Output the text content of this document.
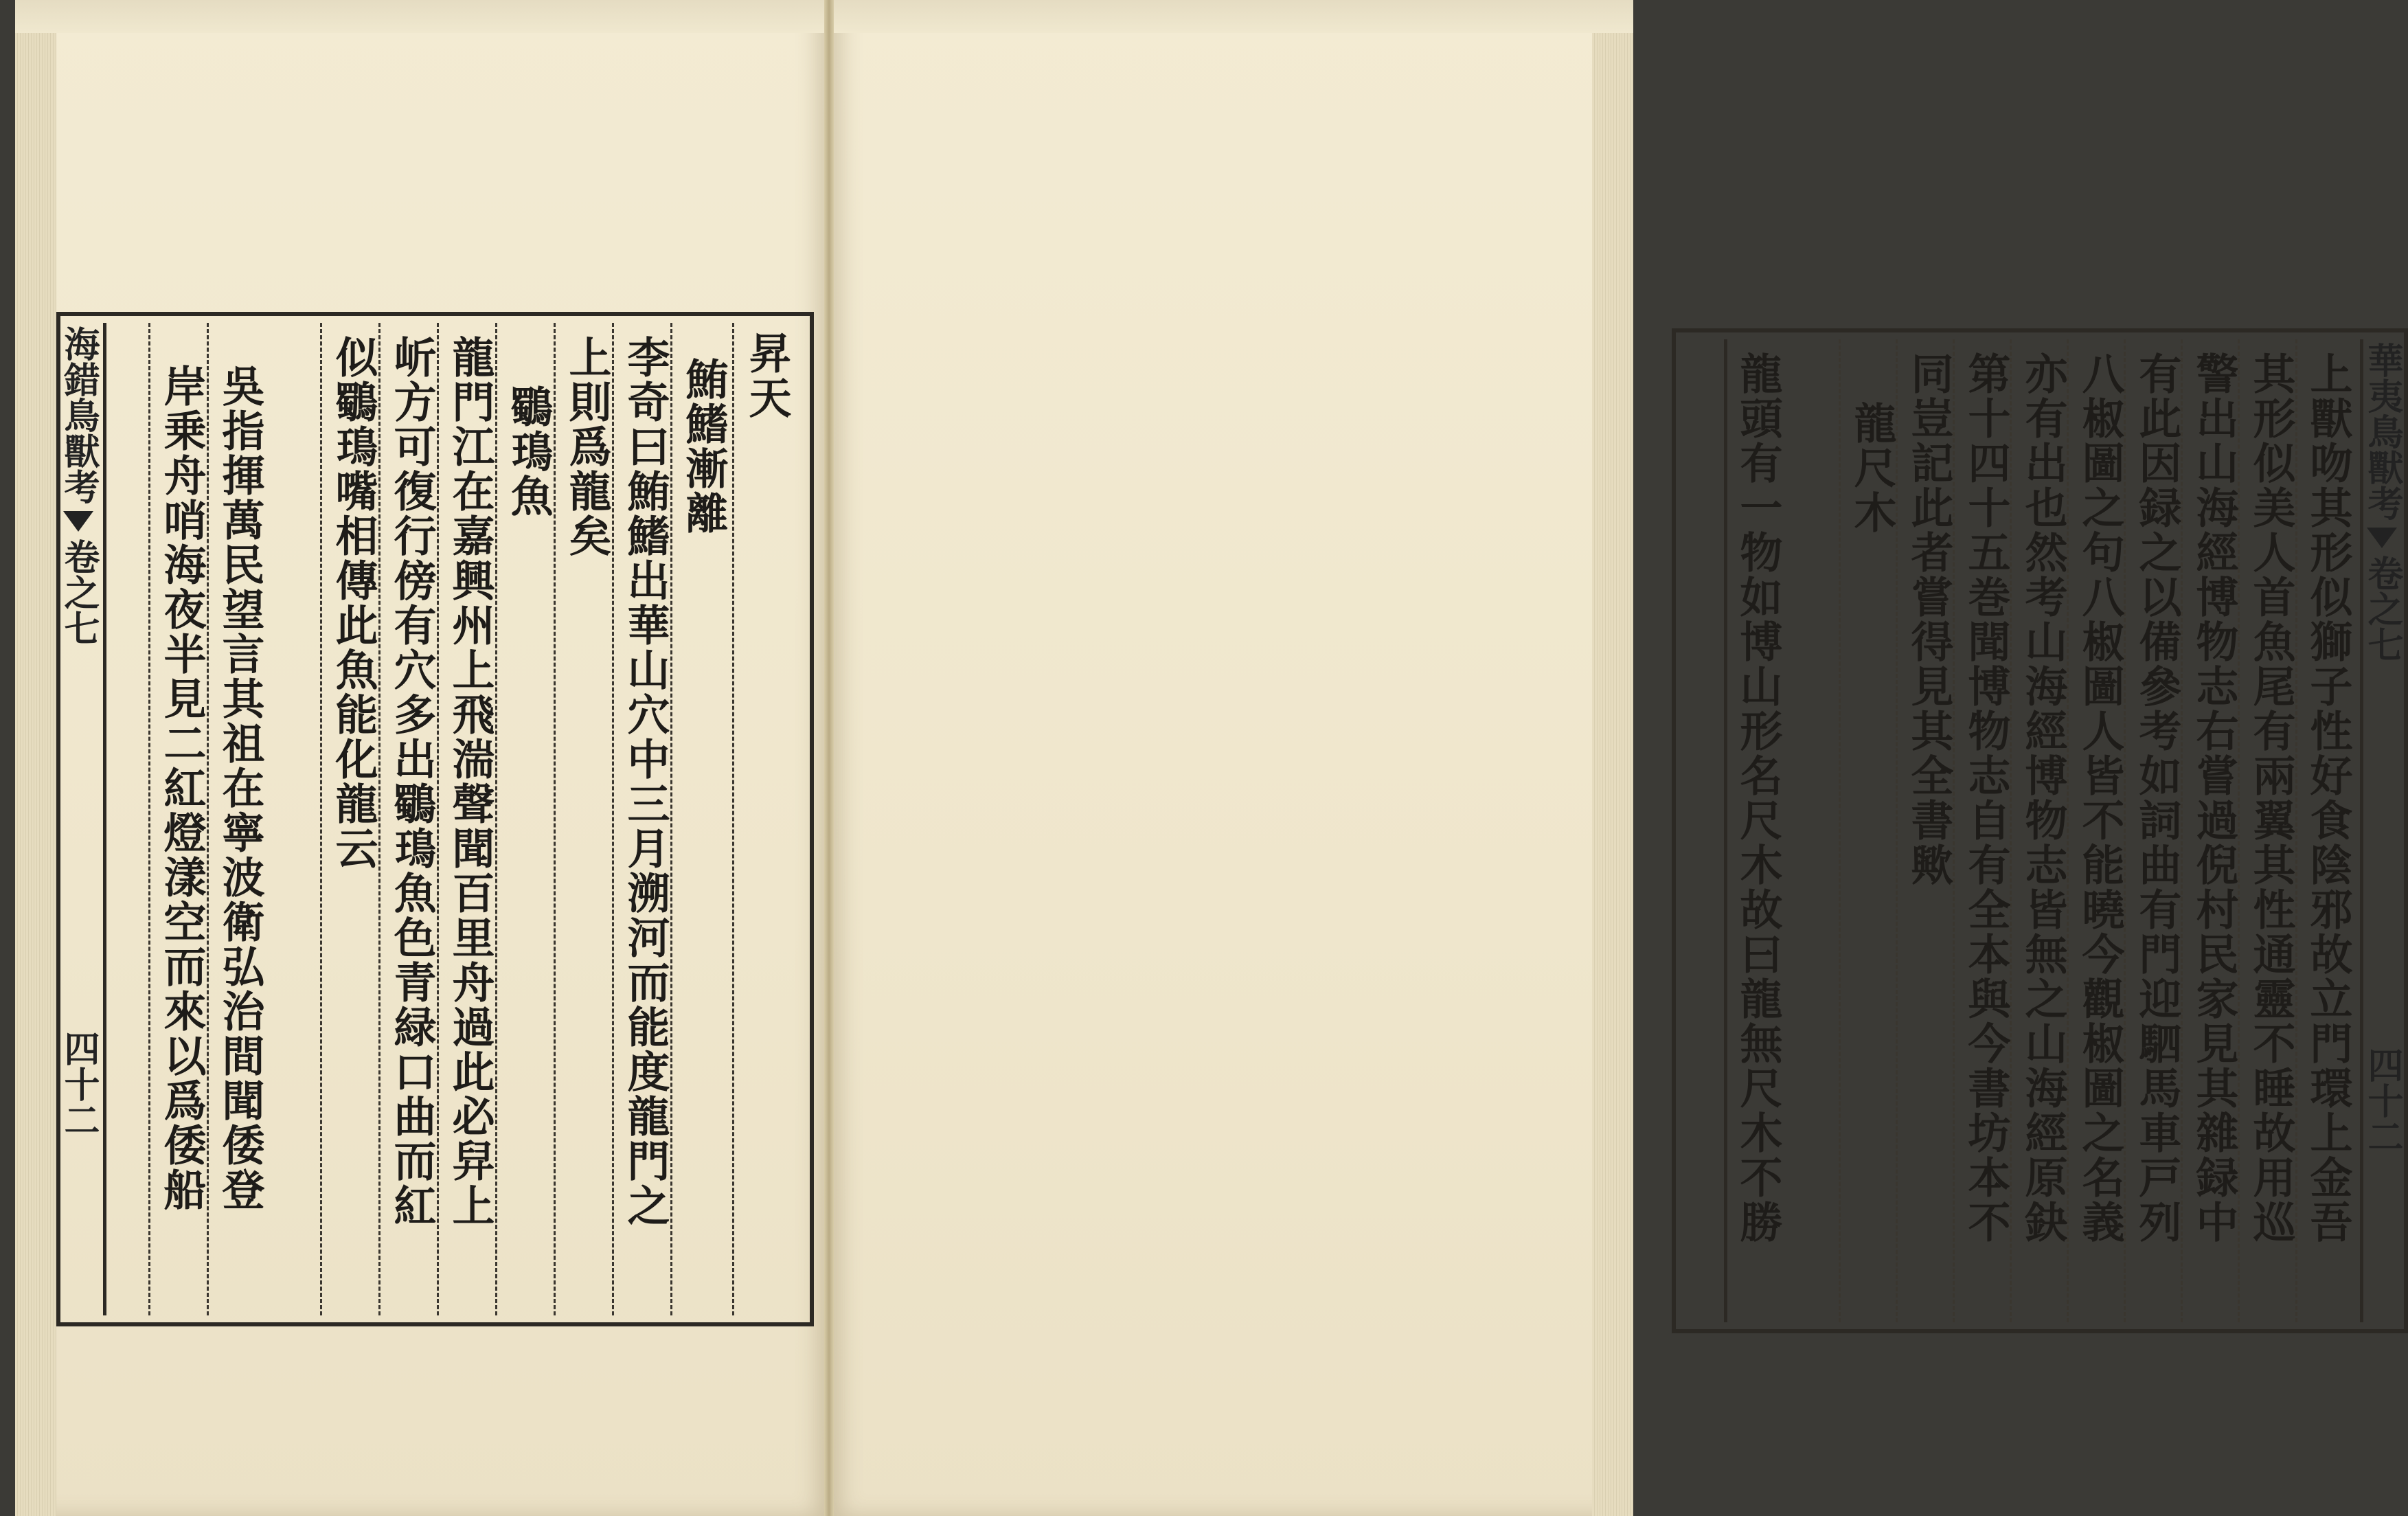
海錯鳥獸考卷之七四十二
昇天
鮪鰭漸離
李奇曰鮪鰭出華山穴中三月溯河而能度龍門之
上則爲龍矣
鸀鳿魚
龍門江在嘉興州上飛湍聲聞百里舟過此必舁上
岓方可復行傍有穴多出鸀鳿魚色青緑口曲而紅
似鸀鳿嘴相傳此魚能化龍云
吳指揮萬民望言其祖在寧波衛弘治間聞倭登
岸乗舟哨海夜半見二紅燈漾空而來以爲倭船	華夷鳥獸考卷之七四十二
上獸吻其形似獅子性好食陰邪故立門環上金吾
其形似美人首魚尾有兩翼其性通靈不睡故用巡
警出山海經博物志右嘗過倪村民家見其雜録中
有此因録之以備參考如詞曲有門迎駟馬車戸列
八椒圖之句八椒圖人皆不能曉今觀椒圖之名義
亦有出也然考山海經博物志皆無之山海經原鈌
第十四十五巻聞博物志自有全本與今書坊本不
同豈記此者嘗得見其全書歟
龍尺木
龍頭有一物如博山形名尺木故曰龍無尺木不勝
